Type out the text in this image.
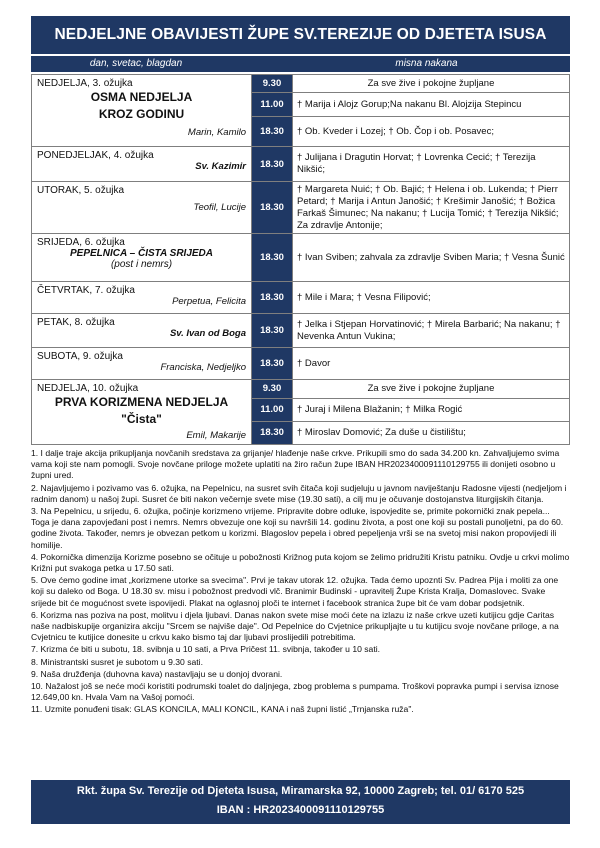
NEDJELJNE OBAVIJESTI ŽUPE SV.TEREZIJE OD DJETETA ISUSA
dan, svetac, blagdan	misna nakana
NEDJELJA, 3. ožujka
OSMA NEDJELJA
KROZ GODINU
Marin, Kamilo	9.30	Za sve žive i pokojne župljane
	11.00	† Marija i Alojz Gorup;Na nakanu Bl. Alojzija Stepincu
	18.30	† Ob. Kveder i Lozej; † Ob. Čop i ob. Posavec;

PONEDJELJAK, 4. ožujka
Sv. Kazimir	18.30	† Julijana i Dragutin Horvat; † Lovrenka Cecić; † Terezija Nikšić;

UTORAK, 5. ožujka
Teofil, Lucije	18.30	† Margareta Nuić; † Ob. Bajić; † Helena i ob. Lukenda; † Pierr Petard; † Marija i Antun Janošić; † Krešimir Janošić; † Božica Farkaš Šimunec; Na nakanu; † Lucija Tomić; † Terezija Nikšić; Za zdravlje Antonije;

SRIJEDA, 6. ožujka
PEPELNICA – ČISTA SRIJEDA
(post i nemrs)	18.30	† Ivan Sviben; zahvala za zdravlje Sviben Maria; † Vesna Šunić

ČETVRTAK, 7. ožujka
Perpetua, Felicita	18.30	† Mile i Mara; † Vesna Filipović;

PETAK, 8. ožujka
Sv. Ivan od Boga	18.30	† Jelka i Stjepan Horvatinović; † Mirela Barbarić; Na nakanu; † Nevenka Antun Vukina;

SUBOTA, 9. ožujka
Franciska, Nedjeljko	18.30	† Davor

NEDJELJA, 10. ožujka
PRVA KORIZMENA NEDJELJA
"Čista"
Emil, Makarije	9.30	Za sve žive i pokojne župljane
	11.00	† Juraj i Milena Blažanin; † Milka Rogić
	18.30	† Miroslav Domović; Za duše u čistilištu;

1. I dalje traje akcija prikupljanja novčanih sredstava za grijanje/ hlađenje naše crkve. Prikupili smo do sada 34.200 kn. Zahvaljujemo svima vama koji ste nam pomogli. Svoje novčane priloge možete uplatiti na žiro račun župe IBAN HR2023400091110129755 ili donijeti osobno u župni ured.

2. Najavljujemo i pozivamo vas 6. ožujka, na Pepelnicu, na susret svih čitača koji sudjeluju u javnom naviještanju Radosne vijesti (nedjeljom i radnim danom) u našoj župi. Susret će biti nakon večernje svete mise (19.30 sati), a cilj mu je očuvanje dostojanstva liturgijskih čitanja.

3. Na Pepelnicu, u srijedu, 6. ožujka, počinje korizmeno vrijeme. Pripravite dobre odluke, ispovjedite se, primite pokornički znak pepela... Toga je dana zapovjeđani post i nemrs. Nemrs obvezuje one koji su navršili 14. godinu života, a post one koji su postali punoljetni, pa do 60. godine života. Također, nemrs je obvezan petkom u korizmi. Blagoslov pepela i obred pepeljenja vrši se na svetoj misi nakon propovijedi ili homilije.

4. Pokornička dimenzija Korizme posebno se očituje u pobožnosti Križnog puta kojom se želimo pridružiti Kristu patniku. Ovdje u crkvi molimo Križni put svakoga petka u 17.50 sati.

5. Ove ćemo godine imat „korizmene utorke sa svecima". Prvi je takav utorak 12. ožujka. Tada ćemo upoznti Sv. Padrea Pija i moliti za one koji su daleko od Boga. U 18.30 sv. misu i pobožnost predvodi vlč. Branimir Budinski - upravitelj Župe Krista Kralja, Domaslovec. Svake srijede bit će mogućnost svete ispovijedi. Plakat na oglasnoj ploči te internet i facebook stranica župe bit će vam dobar podsjetnik.

6. Korizma nas poziva na post, molitvu i djela ljubavi. Danas nakon svete mise moći ćete na izlazu iz naše crkve uzeti kutijicu gdje Caritas naše nadbiskupije organizira akciju "Srcem se najviše daje". Od Pepelnice do Cvjetnice prikupljajte u tu kutijicu svoje novčane priloge, a na Cvjetnicu te kutijice donesite u crkvu kako bismo taj dar ljubavi proslijedili potrebitima.

7. Krizma će biti u subotu, 18. svibnja u 10 sati, a Prva Pričest 11. svibnja, također u 10 sati.

8. Ministrantski susret je subotom u 9.30 sati.

9. Naša družđenja (duhovna kava) nastavljaju se u donjoj dvorani.

10. Nažalost još se neće moći koristiti podrumski toalet do daljnjega, zbog problema s pumpama. Troškovi popravka pumpi i servisa iznose 12.649,00 kn. Hvala Vam na Vašoj pomoći.

11. Uzmite ponuđeni tisak: GLAS KONCILA, MALI KONCIL, KANA i naš župni listić „Trnjanska ruža".

Rkt. župa Sv. Terezije od Djeteta Isusa, Miramarska 92, 10000 Zagreb; tel. 01/ 6170 525
IBAN : HR2023400091110129755
